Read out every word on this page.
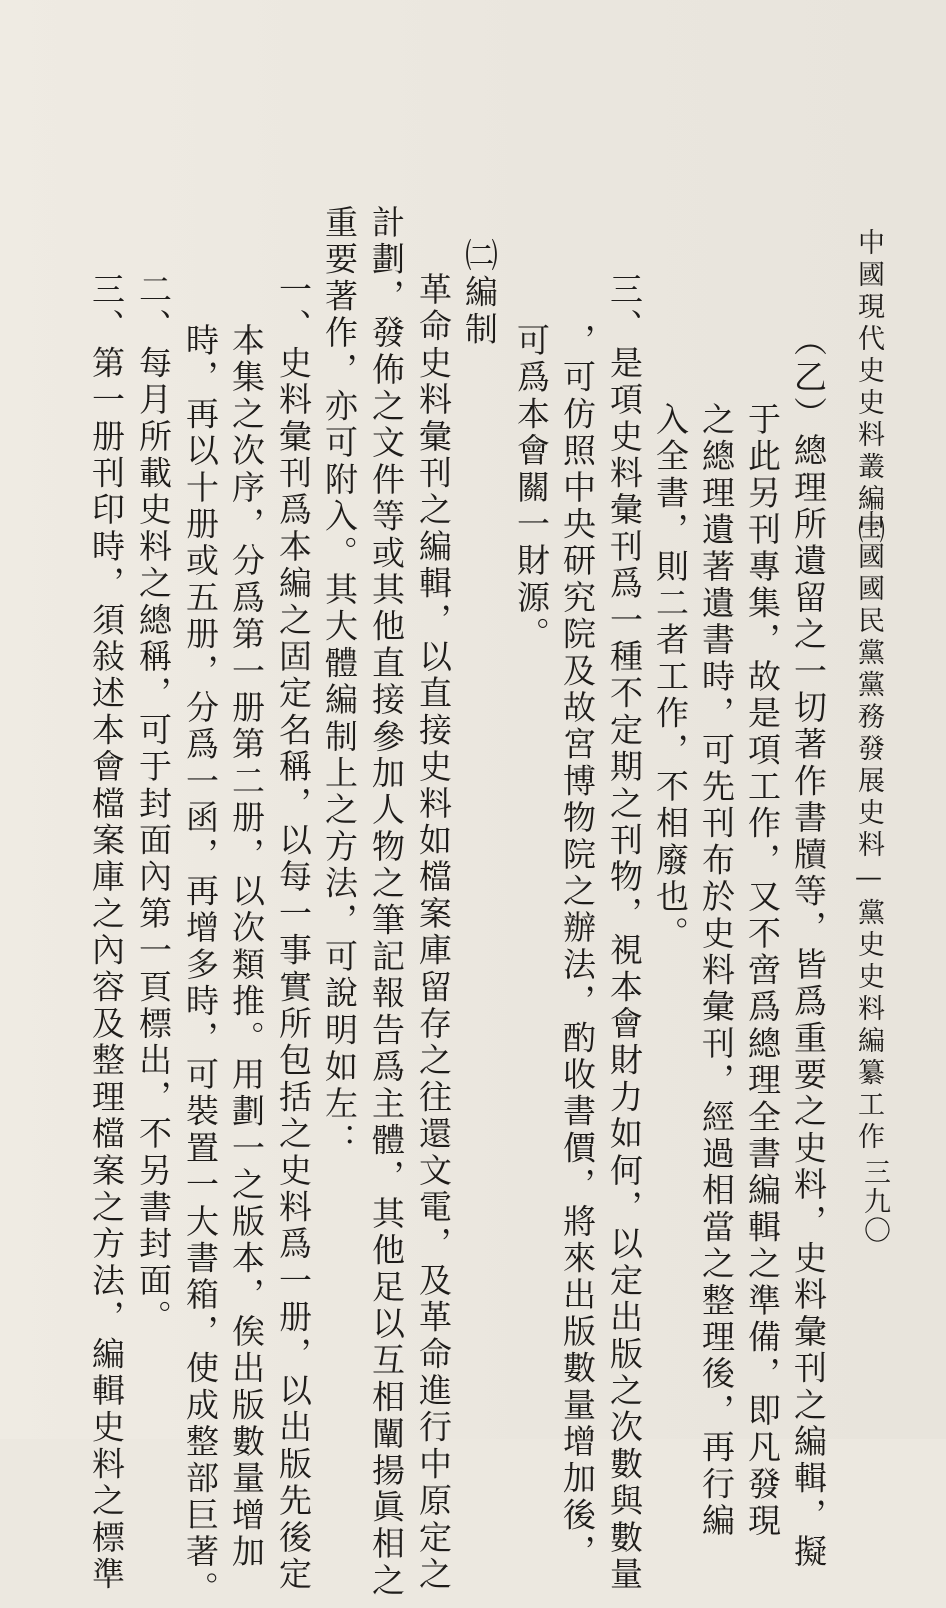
中國現代史史料叢編㈢
中國國民黨黨務發展史料—黨史史料編纂工作
三九〇
（乙）總理所遺留之一切著作書牘等，皆爲重要之史料，史料彙刊之編輯，擬
于此另刊專集，故是項工作，又不啻爲總理全書編輯之準備，即凡發現
之總理遺著遺書時，可先刊布於史料彙刊，經過相當之整理後，再行編
入全書，則二者工作，不相廢也。
三、是項史料彙刊爲一種不定期之刊物，視本會財力如何，以定出版之次數與數量
，可仿照中央研究院及故宮博物院之辦法，酌收書價，將來出版數量增加後，
可爲本會關一財源。
㈡編制
革命史料彙刊之編輯，以直接史料如檔案庫留存之往還文電，及革命進行中原定之
計劃，發佈之文件等或其他直接參加人物之筆記報告爲主體，其他足以互相闡揚眞相之
重要著作，亦可附入。其大體編制上之方法，可說明如左：
一、史料彙刊爲本編之固定名稱，以每一事實所包括之史料爲一册，以出版先後定
本集之次序，分爲第一册第二册，以次類推。用劃一之版本，俟出版數量增加
時，再以十册或五册，分爲一函，再增多時，可裝置一大書箱，使成整部巨著。
二、每月所載史料之總稱，可于封面內第一頁標出，不另書封面。
三、第一册刊印時，須敍述本會檔案庫之內容及整理檔案之方法，編輯史料之標準
